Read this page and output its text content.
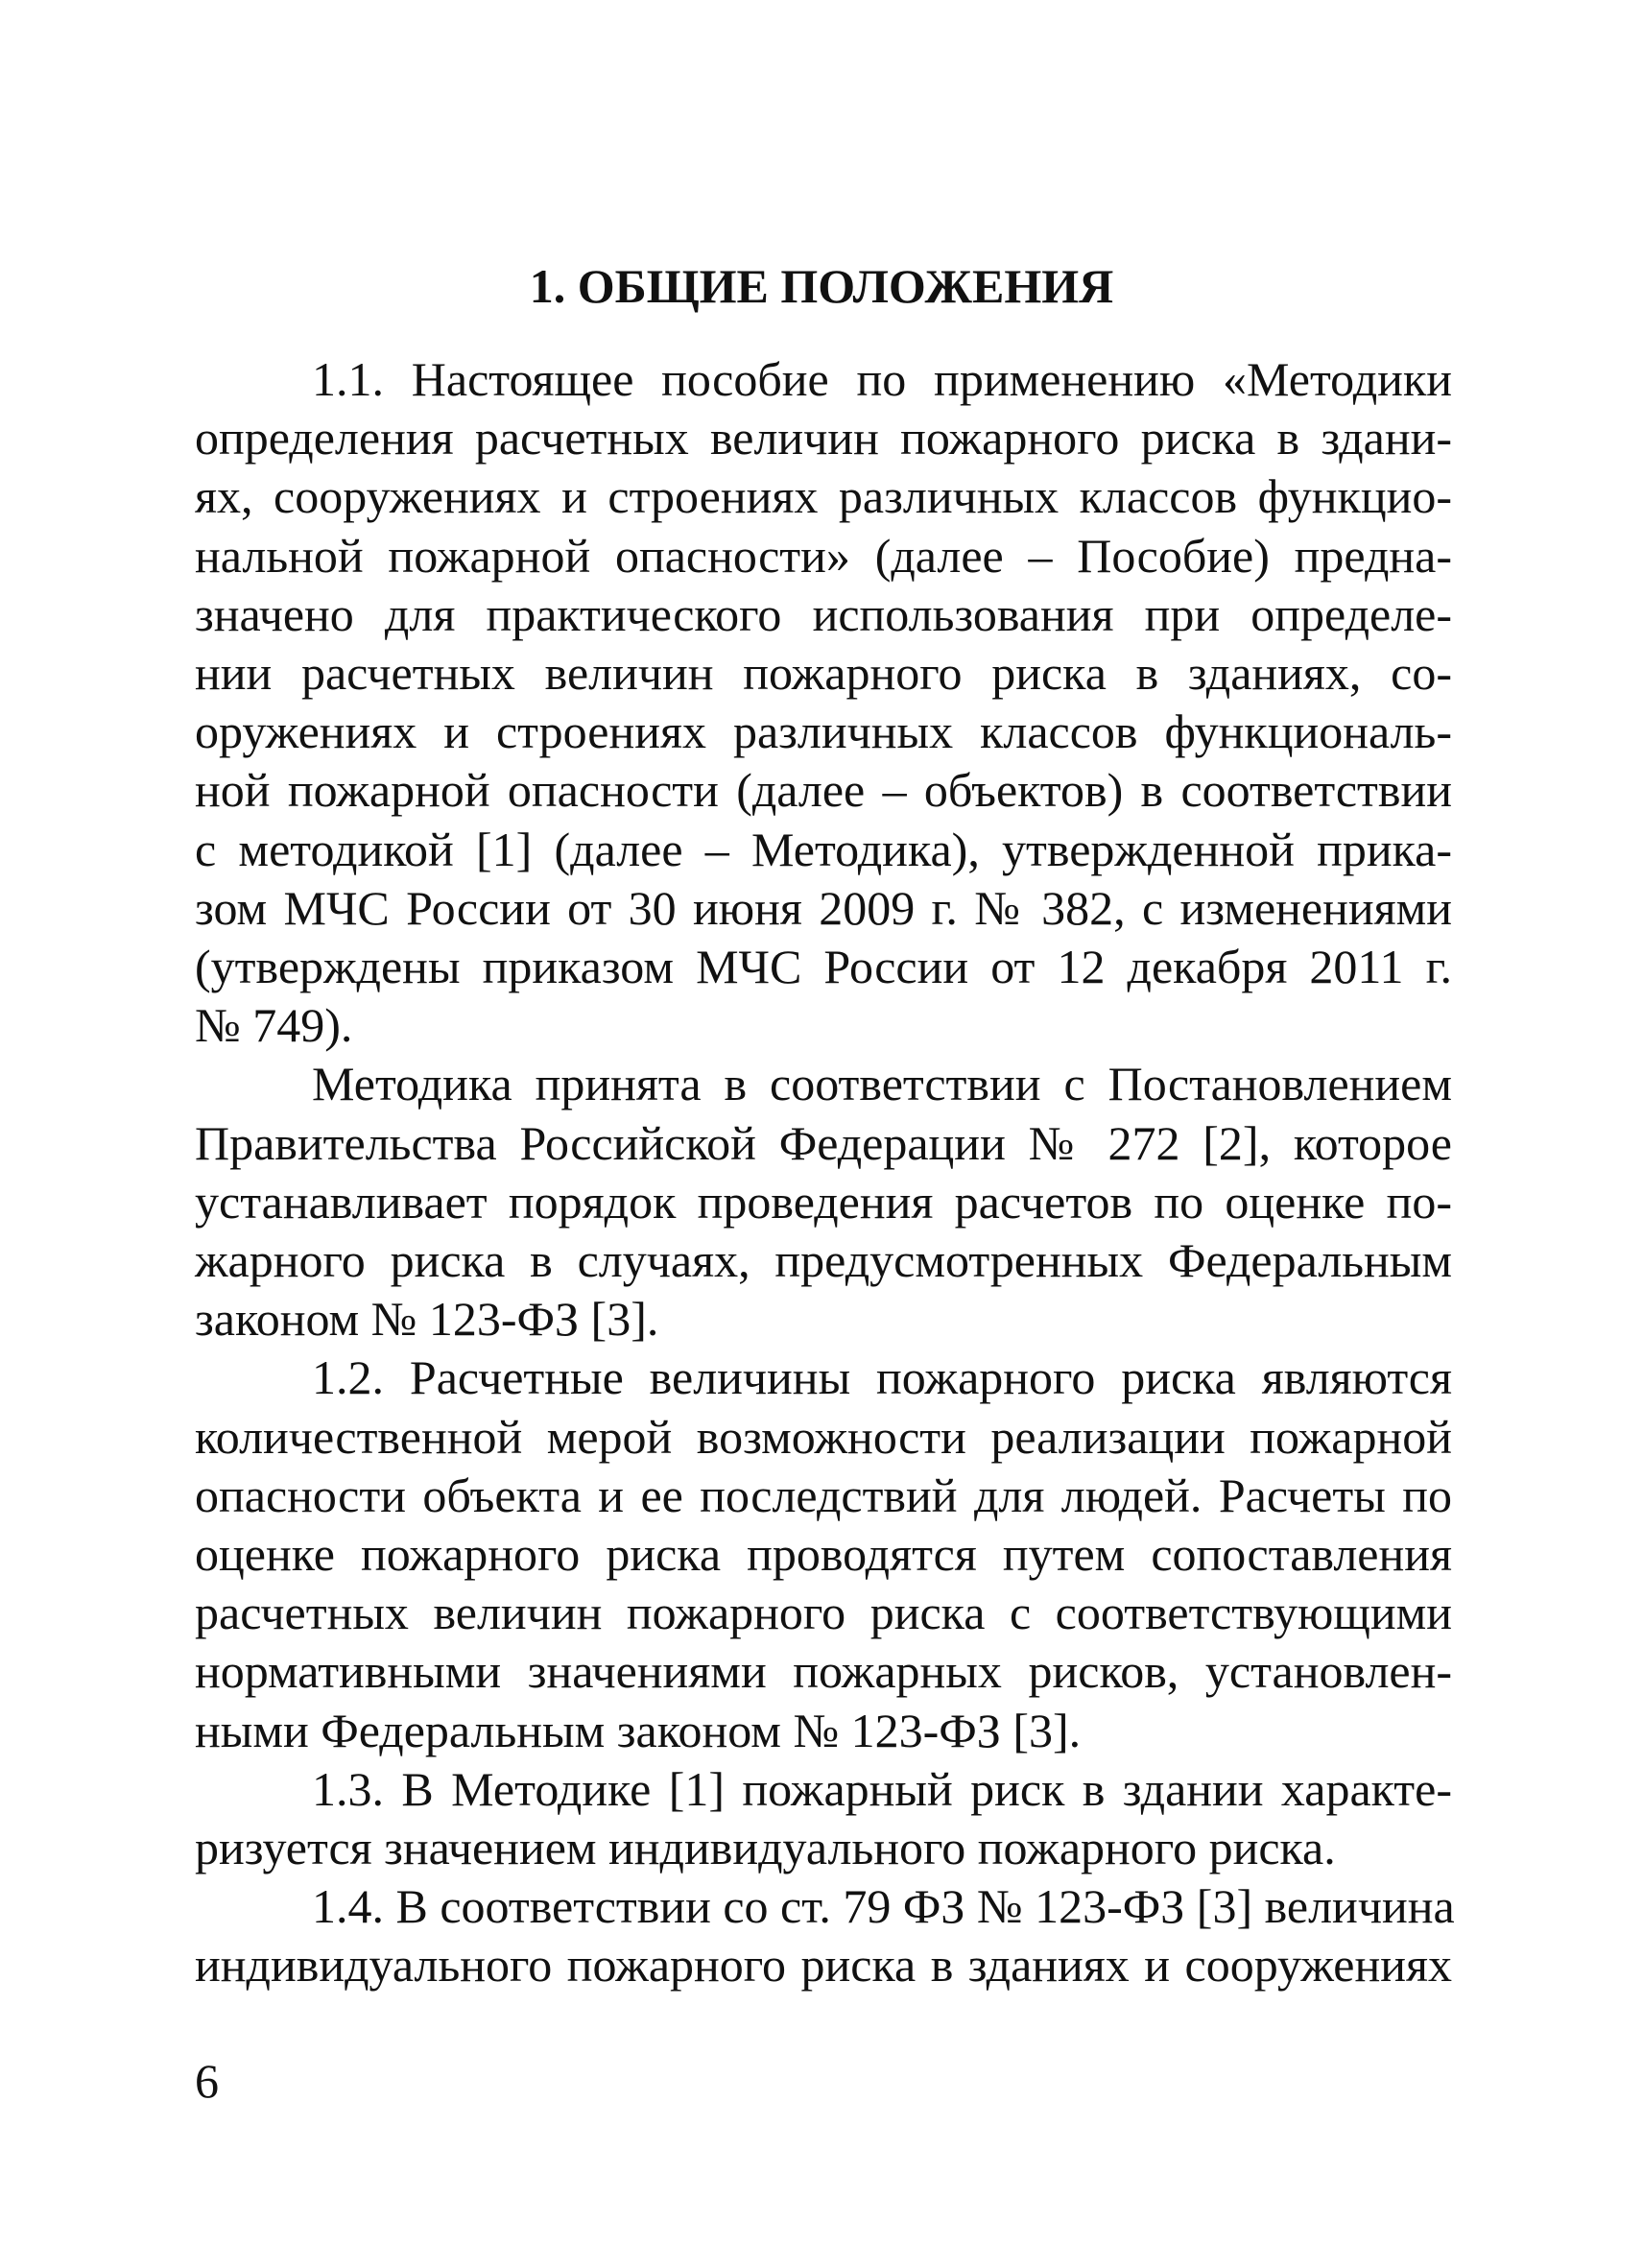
1. ОБЩИЕ ПОЛОЖЕНИЯ

1.1. Настоящее пособие по применению «Методики
определения расчетных величин пожарного риска в здани-
ях, сооружениях и строениях различных классов функцио-
нальной пожарной опасности» (далее – Пособие) предна-
значено для практического использования при определе-
нии расчетных величин пожарного риска в зданиях, со-
оружениях и строениях различных классов функциональ-
ной пожарной опасности (далее – объектов) в соответствии
с методикой [1] (далее – Методика), утвержденной прика-
зом МЧС России от 30 июня 2009 г. № 382, с изменениями
(утверждены приказом МЧС России от 12 декабря 2011 г.
№ 749).

Методика принята в соответствии с Постановлением
Правительства Российской Федерации № 272 [2], которое
устанавливает порядок проведения расчетов по оценке по-
жарного риска в случаях, предусмотренных Федеральным
законом № 123-ФЗ [3].

1.2. Расчетные величины пожарного риска являются
количественной мерой возможности реализации пожарной
опасности объекта и ее последствий для людей. Расчеты по
оценке пожарного риска проводятся путем сопоставления
расчетных величин пожарного риска с соответствующими
нормативными значениями пожарных рисков, установлен-
ными Федеральным законом № 123-ФЗ [3].

1.3. В Методике [1] пожарный риск в здании характе-
ризуется значением индивидуального пожарного риска.

1.4. В соответствии со ст. 79 ФЗ № 123-ФЗ [3] величина
индивидуального пожарного риска в зданиях и сооружениях

6
